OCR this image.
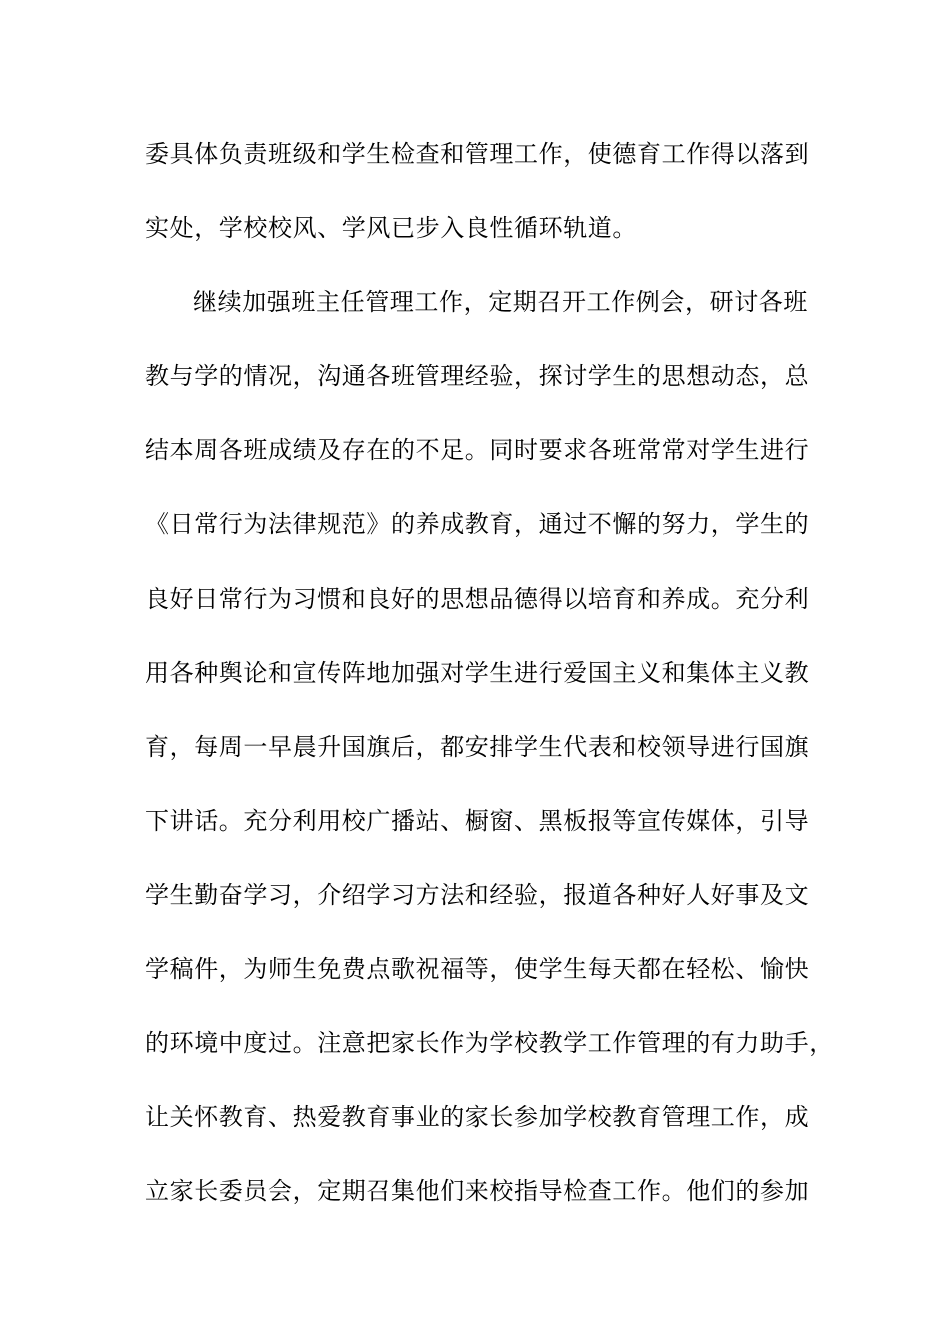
委具体负责班级和学生检查和管理工作，使德育工作得以落到
实处，学校校风、学风已步入良性循环轨道。
继续加强班主任管理工作，定期召开工作例会，研讨各班
教与学的情况，沟通各班管理经验，探讨学生的思想动态，总
结本周各班成绩及存在的不足。同时要求各班常常对学生进行
《日常行为法律规范》的养成教育，通过不懈的努力，学生的
良好日常行为习惯和良好的思想品德得以培育和养成。充分利
用各种舆论和宣传阵地加强对学生进行爱国主义和集体主义教
育，每周一早晨升国旗后，都安排学生代表和校领导进行国旗
下讲话。充分利用校广播站、橱窗、黑板报等宣传媒体，引导
学生勤奋学习，介绍学习方法和经验，报道各种好人好事及文
学稿件，为师生免费点歌祝福等，使学生每天都在轻松、愉快
的环境中度过。注意把家长作为学校教学工作管理的有力助手，
让关怀教育、热爱教育事业的家长参加学校教育管理工作，成
立家长委员会，定期召集他们来校指导检查工作。他们的参加
